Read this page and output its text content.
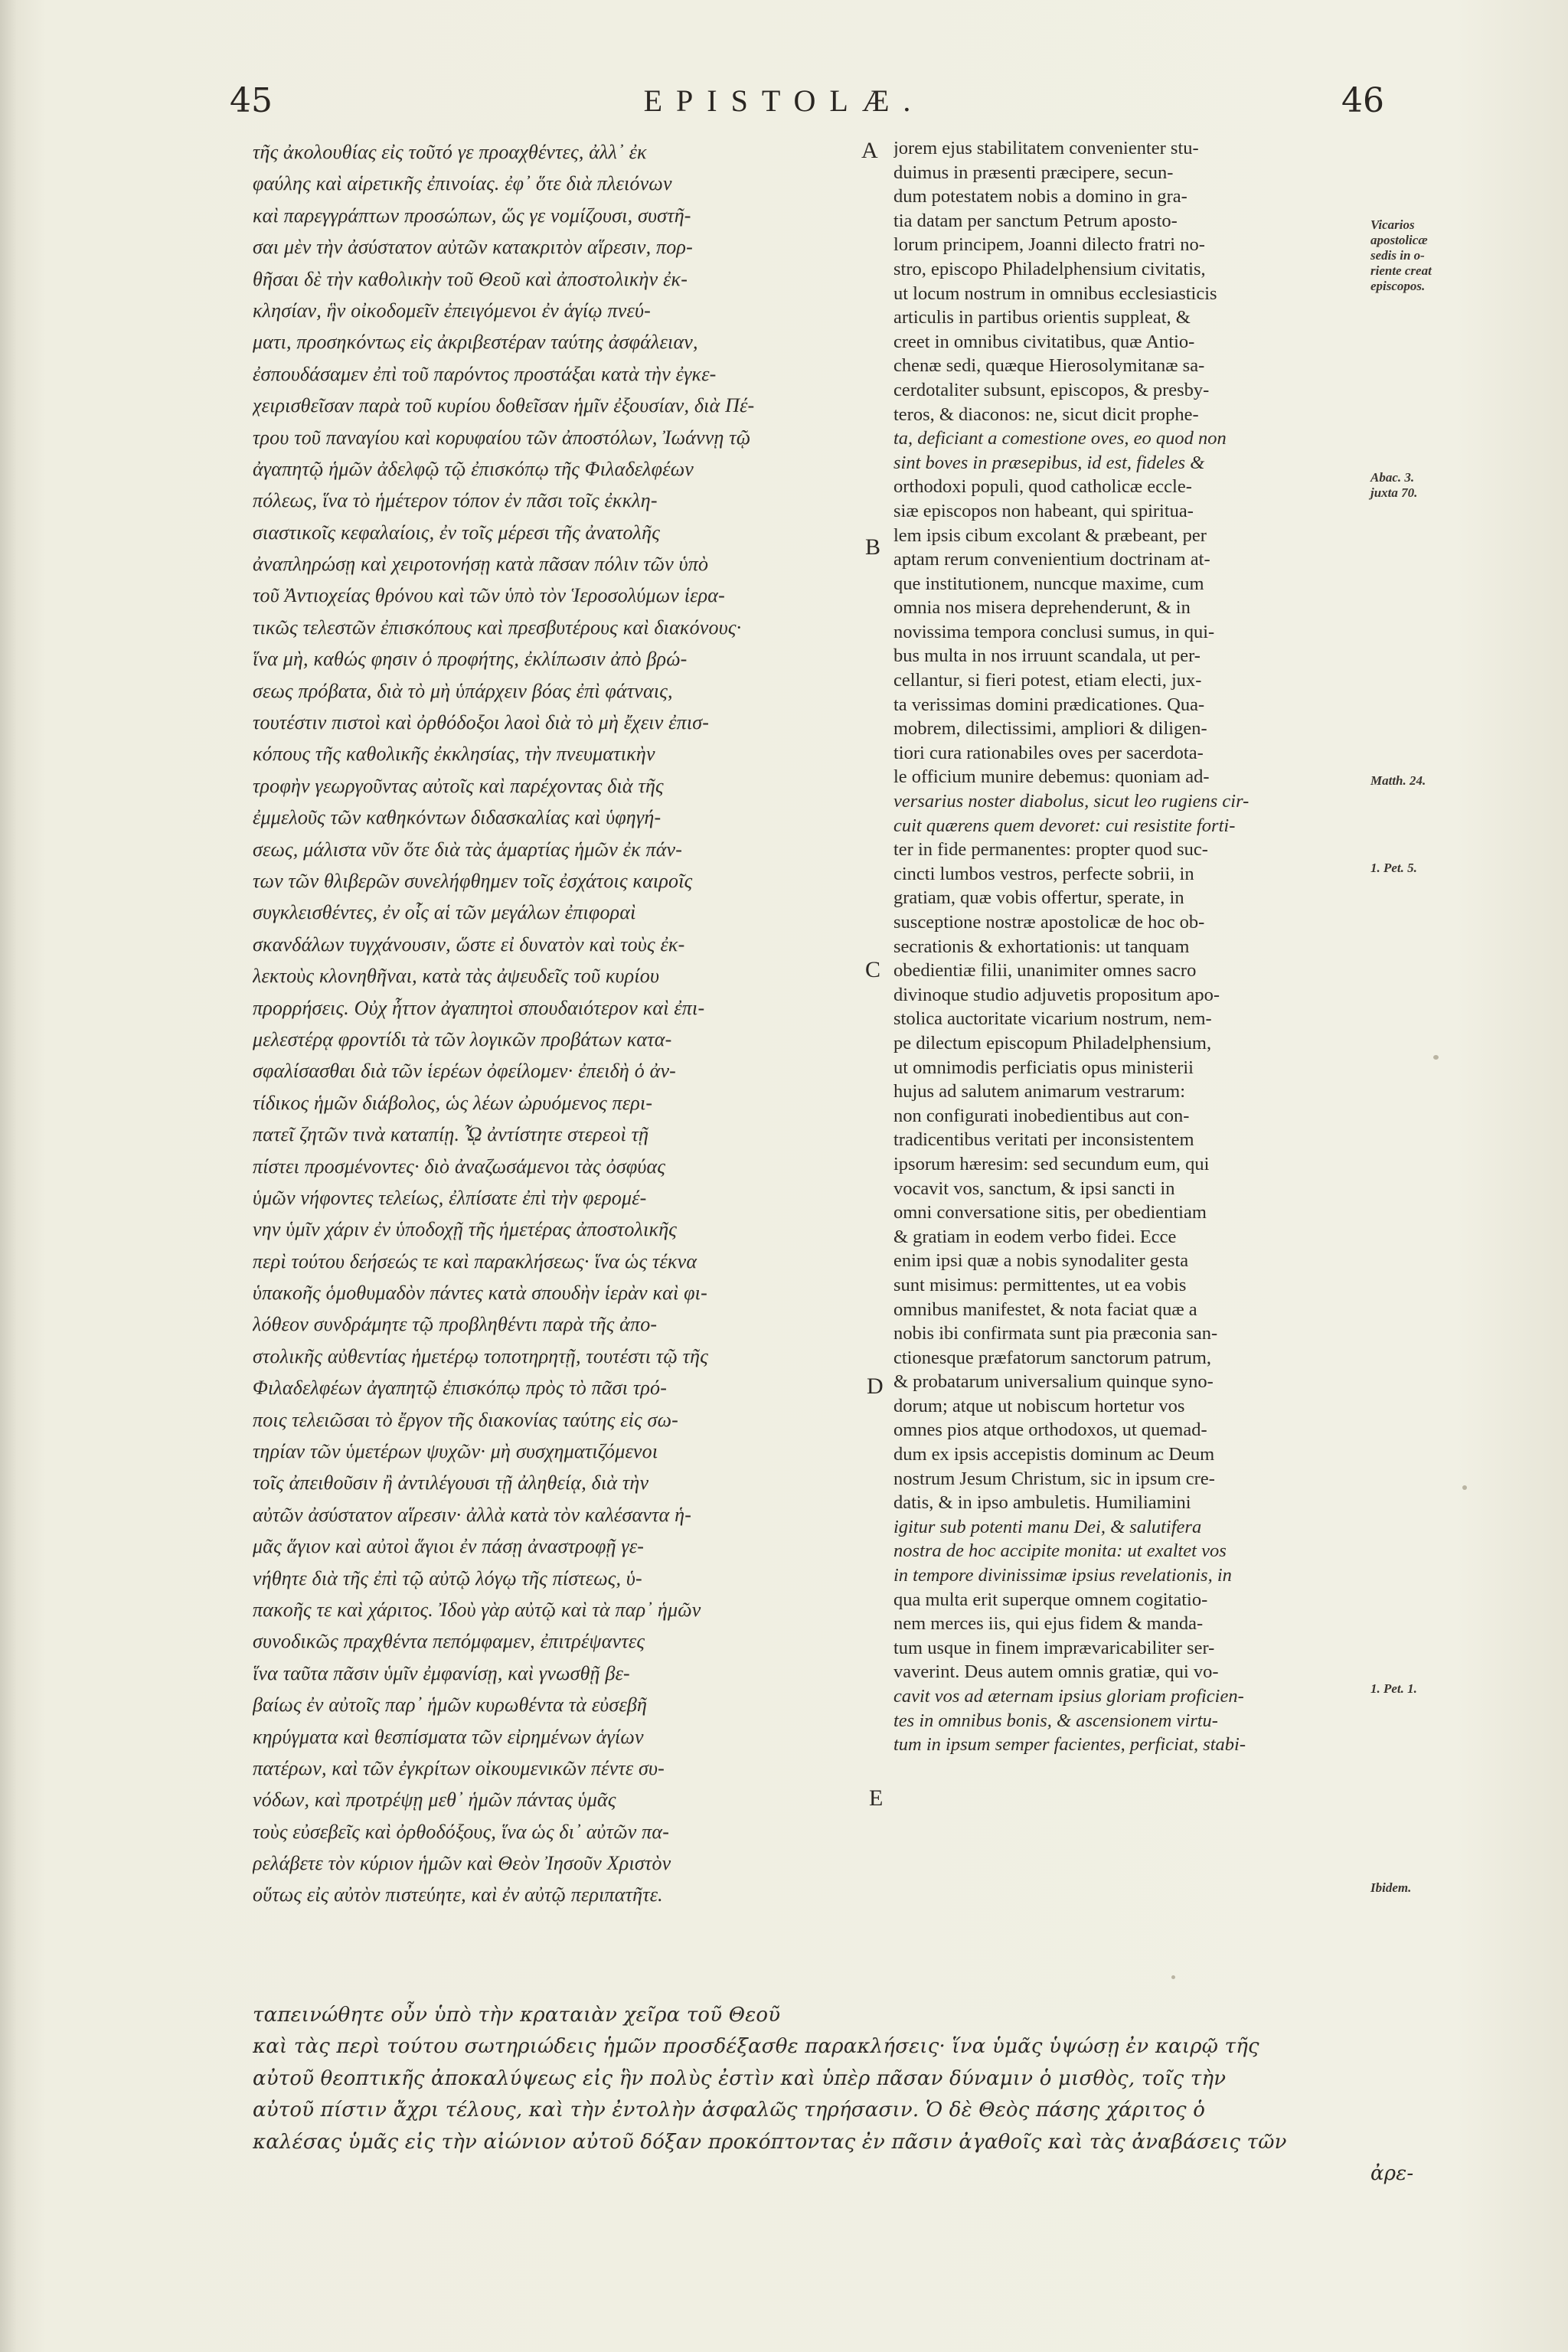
45	EPISTOLÆ.	46
τῆς ἀκολουθίας εἰς τοῦτό γε προαχθέντες, ἀλλ᾽ ἐκ
φαύλης καὶ αἱρετικῆς ἐπινοίας. ἐφ᾽ ὅτε διὰ πλειόνων
καὶ παρεγγράπτων προσώπων, ὥς γε νομίζουσι, συστῆ-
σαι μὲν τὴν ἀσύστατον αὐτῶν κατακριτὸν αἵρεσιν, πορ-
θῆσαι δὲ τὴν καθολικὴν τοῦ Θεοῦ καὶ ἀποστολικὴν ἐκ-
κλησίαν, ἣν οἰκοδομεῖν ἐπειγόμενοι ἐν ἁγίῳ πνεύ-
ματι, προσηκόντως εἰς ἀκριβεστέραν ταύτης ἀσφάλειαν,
ἐσπουδάσαμεν ἐπὶ τοῦ παρόντος προστάξαι κατὰ τὴν ἐγκε-
χειρισθεῖσαν παρὰ τοῦ κυρίου δοθεῖσαν ἡμῖν ἐξουσίαν, διὰ Πέ-
τρου τοῦ παναγίου καὶ κορυφαίου τῶν ἀποστόλων, Ἰωάννῃ τῷ
ἀγαπητῷ ἡμῶν ἀδελφῷ τῷ ἐπισκόπῳ τῆς Φιλαδελφέων
πόλεως, ἵνα τὸ ἡμέτερον τόπον ἐν πᾶσι τοῖς ἐκκλη-
σιαστικοῖς κεφαλαίοις, ἐν τοῖς μέρεσι τῆς ἀνατολῆς
ἀναπληρώσῃ καὶ χειροτονήσῃ κατὰ πᾶσαν πόλιν τῶν ὑπὸ
τοῦ Ἀντιοχείας θρόνου καὶ τῶν ὑπὸ τὸν Ἱεροσολύμων ἱερα-
τικῶς τελεστῶν ἐπισκόπους καὶ πρεσβυτέρους καὶ διακόνους·
ἵνα μὴ, καθώς φησιν ὁ προφήτης, ἐκλίπωσιν ἀπὸ βρώ-
σεως πρόβατα, διὰ τὸ μὴ ὑπάρχειν βόας ἐπὶ φάτναις,
τουτέστιν πιστοὶ καὶ ὀρθόδοξοι λαοὶ διὰ τὸ μὴ ἔχειν ἐπισ-
κόπους τῆς καθολικῆς ἐκκλησίας, τὴν πνευματικὴν
τροφὴν γεωργοῦντας αὐτοῖς καὶ παρέχοντας διὰ τῆς
ἐμμελοῦς τῶν καθηκόντων διδασκαλίας καὶ ὑφηγή-
σεως, μάλιστα νῦν ὅτε διὰ τὰς ἁμαρτίας ἡμῶν ἐκ πάν-
των τῶν θλιβερῶν συνελήφθημεν τοῖς ἐσχάτοις καιροῖς
συγκλεισθέντες, ἐν οἷς αἱ τῶν μεγάλων ἐπιφοραὶ
σκανδάλων τυγχάνουσιν, ὥστε εἰ δυνατὸν καὶ τοὺς ἐκ-
λεκτοὺς κλονηθῆναι, κατὰ τὰς ἀψευδεῖς τοῦ κυρίου
προρρήσεις. Οὐχ ἧττον ἀγαπητοὶ σπουδαιότερον καὶ ἐπι-
μελεστέρᾳ φροντίδι τὰ τῶν λογικῶν προβάτων κατα-
σφαλίσασθαι διὰ τῶν ἱερέων ὀφείλομεν· ἐπειδὴ ὁ ἀν-
τίδικος ἡμῶν διάβολος, ὡς λέων ὠρυόμενος περι-
πατεῖ ζητῶν τινὰ καταπίῃ. ᾯ ἀντίστητε στερεοὶ τῇ
πίστει προσμένοντες· διὸ ἀναζωσάμενοι τὰς ὀσφύας
ὑμῶν νήφοντες τελείως, ἐλπίσατε ἐπὶ τὴν φερομέ-
νην ὑμῖν χάριν ἐν ὑποδοχῇ τῆς ἡμετέρας ἀποστολικῆς
περὶ τούτου δεήσεώς τε καὶ παρακλήσεως· ἵνα ὡς τέκνα
ὑπακοῆς ὁμοθυμαδὸν πάντες κατὰ σπουδὴν ἱερὰν καὶ φι-
λόθεον συνδράμητε τῷ προβληθέντι παρὰ τῆς ἀπο-
στολικῆς αὐθεντίας ἡμετέρῳ τοποτηρητῇ, τουτέστι τῷ τῆς
Φιλαδελφέων ἀγαπητῷ ἐπισκόπῳ πρὸς τὸ πᾶσι τρό-
ποις τελειῶσαι τὸ ἔργον τῆς διακονίας ταύτης εἰς σω-
τηρίαν τῶν ὑμετέρων ψυχῶν· μὴ συσχηματιζόμενοι
τοῖς ἀπειθοῦσιν ἢ ἀντιλέγουσι τῇ ἀληθείᾳ, διὰ τὴν
αὐτῶν ἀσύστατον αἵρεσιν· ἀλλὰ κατὰ τὸν καλέσαντα ἡ-
μᾶς ἅγιον καὶ αὐτοὶ ἅγιοι ἐν πάσῃ ἀναστροφῇ γε-
νήθητε διὰ τῆς ἐπὶ τῷ αὐτῷ λόγῳ τῆς πίστεως, ὑ-
πακοῆς τε καὶ χάριτος. Ἰδοὺ γὰρ αὐτῷ καὶ τὰ παρ᾽ ἡμῶν
συνοδικῶς πραχθέντα πεπόμφαμεν, ἐπιτρέψαντες
ἵνα ταῦτα πᾶσιν ὑμῖν ἐμφανίσῃ, καὶ γνωσθῇ βε-
βαίως ἐν αὐτοῖς παρ᾽ ἡμῶν κυρωθέντα τὰ εὐσεβῆ
κηρύγματα καὶ θεσπίσματα τῶν εἰρημένων ἁγίων
πατέρων, καὶ τῶν ἐγκρίτων οἰκουμενικῶν πέντε συ-
νόδων, καὶ προτρέψῃ μεθ᾽ ἡμῶν πάντας ὑμᾶς
τοὺς εὐσεβεῖς καὶ ὀρθοδόξους, ἵνα ὡς δι᾽ αὐτῶν πα-
ρελάβετε τὸν κύριον ἡμῶν καὶ Θεὸν Ἰησοῦν Χριστὸν
οὕτως εἰς αὐτὸν πιστεύητε, καὶ ἐν αὐτῷ περιπατῆτε.
jorem ejus stabilitatem convenienter stu-
duimus in præsenti præcipere, secun-
dum potestatem nobis a domino in gra-
tia datam per sanctum Petrum aposto-
lorum principem, Joanni dilecto fratri no-
stro, episcopo Philadelphensium civitatis,
ut locum nostrum in omnibus ecclesiasticis
articulis in partibus orientis suppleat, &
creet in omnibus civitatibus, quæ Antio-
chenæ sedi, quæque Hierosolymitanæ sa-
cerdotaliter subsunt, episcopos, & presby-
teros, & diaconos: ne, sicut dicit prophe-
ta, deficiant a comestione oves, eo quod non
sint boves in præsepibus, id est, fideles &
orthodoxi populi, quod catholicæ eccle-
siæ episcopos non habeant, qui spiritua-
lem ipsis cibum excolant & præbeant, per
aptam rerum convenientium doctrinam at-
que institutionem, nuncque maxime, cum
omnia nos misera deprehenderunt, & in
novissima tempora conclusi sumus, in qui-
bus multa in nos irruunt scandala, ut per-
cellantur, si fieri potest, etiam electi, jux-
ta verissimas domini prædicationes. Qua-
mobrem, dilectissimi, ampliori & diligen-
tiori cura rationabiles oves per sacerdota-
le officium munire debemus: quoniam ad-
versarius noster diabolus, sicut leo rugiens cir-
cuit quærens quem devoret: cui resistite forti-
ter in fide permanentes: propter quod suc-
cincti lumbos vestros, perfecte sobrii, in
gratiam, quæ vobis offertur, sperate, in
susceptione nostræ apostolicæ de hoc ob-
secrationis & exhortationis: ut tanquam
obedientiæ filii, unanimiter omnes sacro
divinoque studio adjuvetis propositum apo-
stolica auctoritate vicarium nostrum, nem-
pe dilectum episcopum Philadelphensium,
ut omnimodis perficiatis opus ministerii
hujus ad salutem animarum vestrarum:
non configurati inobedientibus aut con-
tradicentibus veritati per inconsistentem
ipsorum hæresim: sed secundum eum, qui
vocavit vos, sanctum, & ipsi sancti in
omni conversatione sitis, per obedientiam
& gratiam in eodem verbo fidei. Ecce
enim ipsi quæ a nobis synodaliter gesta
sunt misimus: permittentes, ut ea vobis
omnibus manifestet, & nota faciat quæ a
nobis ibi confirmata sunt pia præconia san-
ctionesque præfatorum sanctorum patrum,
& probatarum universalium quinque syno-
dorum; atque ut nobiscum hortetur vos
omnes pios atque orthodoxos, ut quemad-
dum ex ipsis accepistis dominum ac Deum
nostrum Jesum Christum, sic in ipsum cre-
datis, & in ipso ambuletis. Humiliamini
igitur sub potenti manu Dei, & salutifera
nostra de hoc accipite monita: ut exaltet vos
in tempore divinissimæ ipsius revelationis, in
qua multa erit superque omnem cogitatio-
nem merces iis, qui ejus fidem & manda-
tum usque in finem imprævaricabiliter ser-
vaverint. Deus autem omnis gratiæ, qui vo-
cavit vos ad æternam ipsius gloriam proficien-
tes in omnibus bonis, & ascensionem virtu-
tum in ipsum semper facientes, perficiat, stabi-
ταπεινώθητε οὖν ὑπὸ τὴν κραταιὰν χεῖρα τοῦ Θεοῦ
καὶ τὰς περὶ τούτου σωτηριώδεις ἡμῶν προσδέξασθε παρακλήσεις· ἵνα ὑμᾶς ὑψώσῃ ἐν καιρῷ τῆς
αὐτοῦ θεοπτικῆς ἀποκαλύψεως εἰς ἣν πολὺς ἐστὶν καὶ ὑπὲρ πᾶσαν δύναμιν ὁ μισθὸς, τοῖς τὴν
αὐτοῦ πίστιν ἄχρι τέλους, καὶ τὴν ἐντολὴν ἀσφαλῶς τηρήσασιν. Ὁ δὲ Θεὸς πάσης χάριτος ὁ
καλέσας ὑμᾶς εἰς τὴν αἰώνιον αὐτοῦ δόξαν προκόπτοντας ἐν πᾶσιν ἀγαθοῖς καὶ τὰς ἀναβάσεις τῶν
ἀρε-
A
B
C
D
E
Vicarios
apostolicæ
sedis in o-
riente creat
episcopos.
Abac. 3.
juxta 70.
Matth. 24.
1. Pet. 5.
1. Pet. 1.
Ibidem.
